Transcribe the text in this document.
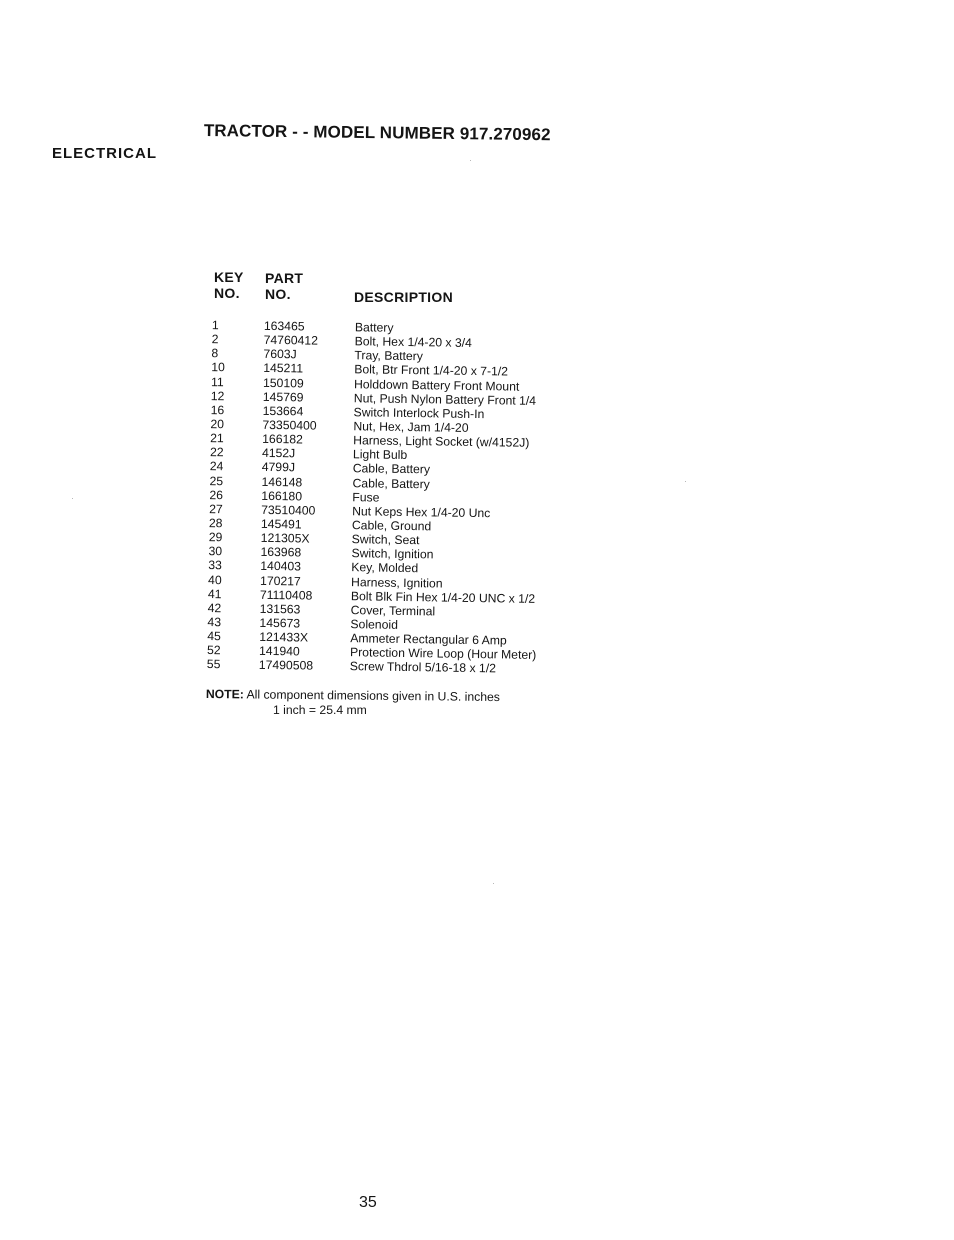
TRACTOR - - MODEL NUMBER 917.270962
ELECTRICAL
KEY
NO.
PART
NO.	DESCRIPTION
1	163465	Battery
2	74760412	Bolt, Hex 1/4-20 x 3/4
8	7603J	Tray, Battery
10	145211	Bolt, Btr Front 1/4-20 x 7-1/2
11	150109	Holddown Battery Front Mount
12	145769	Nut, Push Nylon Battery Front 1/4
16	153664	Switch Interlock Push-In
20	73350400	Nut, Hex, Jam 1/4-20
21	166182	Harness, Light Socket (w/4152J)
22	4152J	Light Bulb
24	4799J	Cable, Battery
25	146148	Cable, Battery
26	166180	Fuse
27	73510400	Nut Keps Hex 1/4-20 Unc
28	145491	Cable, Ground
29	121305X	Switch, Seat
30	163968	Switch, Ignition
33	140403	Key, Molded
40	170217	Harness, Ignition
41	71110408	Bolt Blk Fin Hex 1/4-20 UNC x 1/2
42	131563	Cover, Terminal
43	145673	Solenoid
45	121433X	Ammeter Rectangular 6 Amp
52	141940	Protection Wire Loop (Hour Meter)
55	17490508	Screw Thdrol 5/16-18 x 1/2
NOTE: All component dimensions given in U.S. inches
1 inch = 25.4 mm
35
